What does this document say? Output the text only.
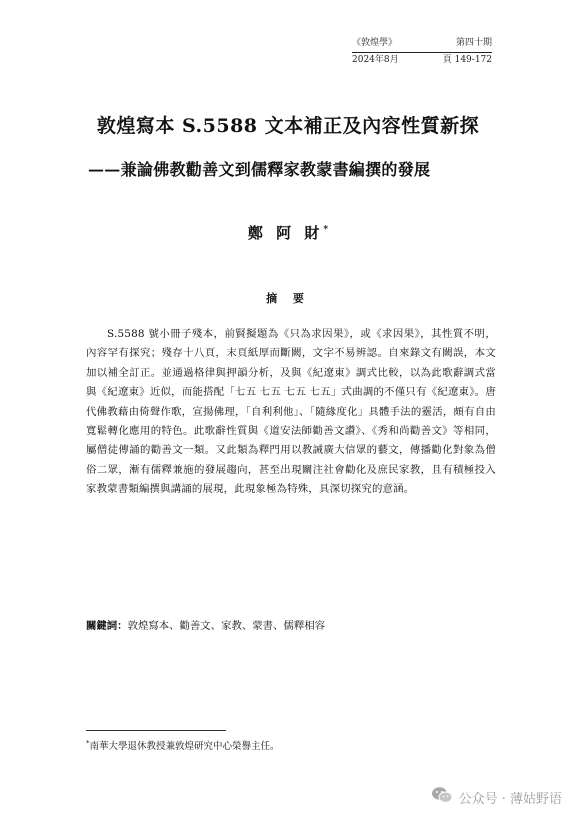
《敦煌學》	第四十期
2024年8月	頁 149-172
敦煌寫本 S.5588 文本補正及內容性質新探
——兼論佛教勸善文到儒釋家教蒙書編撰的發展
鄭 阿 財*
摘 要
S.5588 號小冊子殘本，前賢擬題為《只為求因果》，或《求因果》，其性質不明，內容罕有探究；殘存十八頁，末頁紙厚而斷闕，文字不易辨認。自來錄文有闕誤，本文加以補全訂正。並通過格律與押韻分析，及與《紀遼東》調式比較，以為此歌辭調式當與《紀遼東》近似，而能搭配「七五 七五 七五 七五」式曲調的不僅只有《紀遼東》。唐代佛教藉由倚聲作歌，宣揚佛理，「自利利他」、「隨緣度化」具體手法的靈活，頗有自由寬鬆轉化應用的特色。此歌辭性質與《道安法師勸善文讚》、《秀和尚勸善文》等相同，屬僧徒傳誦的勸善文一類。又此類為釋門用以教誡廣大信眾的藝文，傳播勸化對象為僧俗二眾，漸有儒釋兼施的發展趨向，甚至出現關注社會勸化及庶民家教，且有積極投入家教蒙書類編撰與講誦的展現，此現象極為特殊，具深切探究的意涵。
關鍵詞：敦煌寫本、勸善文、家教、蒙書、儒釋相容
*南華大學退休教授兼敦煌研究中心榮譽主任。
公众号 · 薄姑野语
